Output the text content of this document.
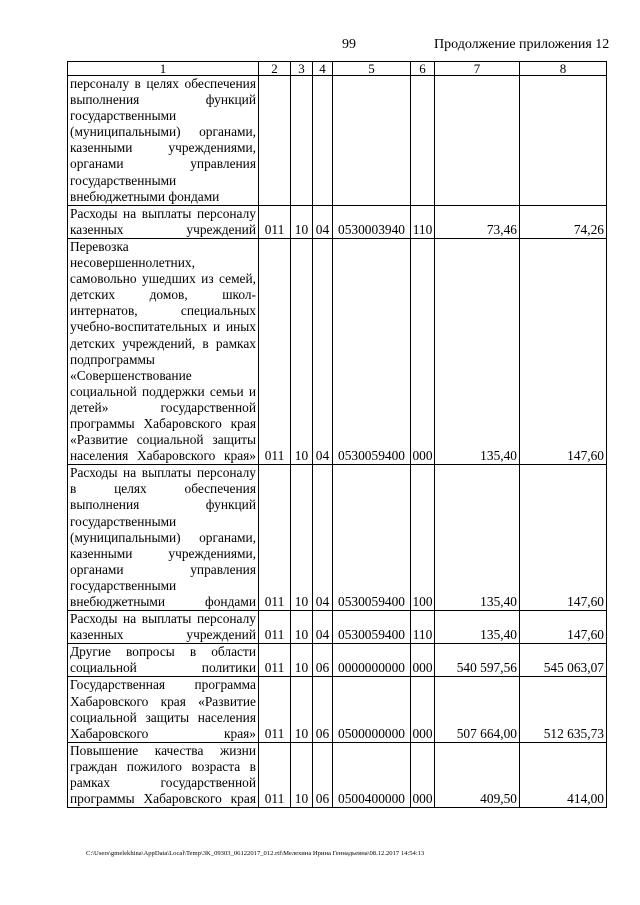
99	Продолжение приложения 12
1	2	3	4	5	6	7	8
персоналу в целях обеспечения выполнения функций государственными (муниципальными) органами, казенными учреждениями, органами управления государственными внебюджетными фондами							
Расходы на выплаты персоналу казенных учреждений	011	10	04	0530003940	110	73,46	74,26
Перевозка несовершеннолетних, самовольно ушедших из семей, детских домов, школ-интернатов, специальных учебно-воспитательных и иных детских учреждений, в рамках подпрограммы «Совершенствование социальной поддержки семьи и детей» государственной программы Хабаровского края «Развитие социальной защиты населения Хабаровского края»	011	10	04	0530059400	000	135,40	147,60
Расходы на выплаты персоналу в целях обеспечения выполнения функций государственными (муниципальными) органами, казенными учреждениями, органами управления государственными внебюджетными фондами	011	10	04	0530059400	100	135,40	147,60
Расходы на выплаты персоналу казенных учреждений	011	10	04	0530059400	110	135,40	147,60
Другие вопросы в области социальной политики	011	10	06	0000000000	000	540 597,56	545 063,07
Государственная программа Хабаровского края «Развитие социальной защиты населения Хабаровского края»	011	10	06	0500000000	000	507 664,00	512 635,73
Повышение качества жизни граждан пожилого возраста в рамках государственной программы Хабаровского края	011	10	06	0500400000	000	409,50	414,00
C:\Users\gmelekhina\AppData\Local\Temp\3K_09303_06122017_012.rtf\Мелехина Ирина Геннадьевна\08.12.2017 14:54:13
